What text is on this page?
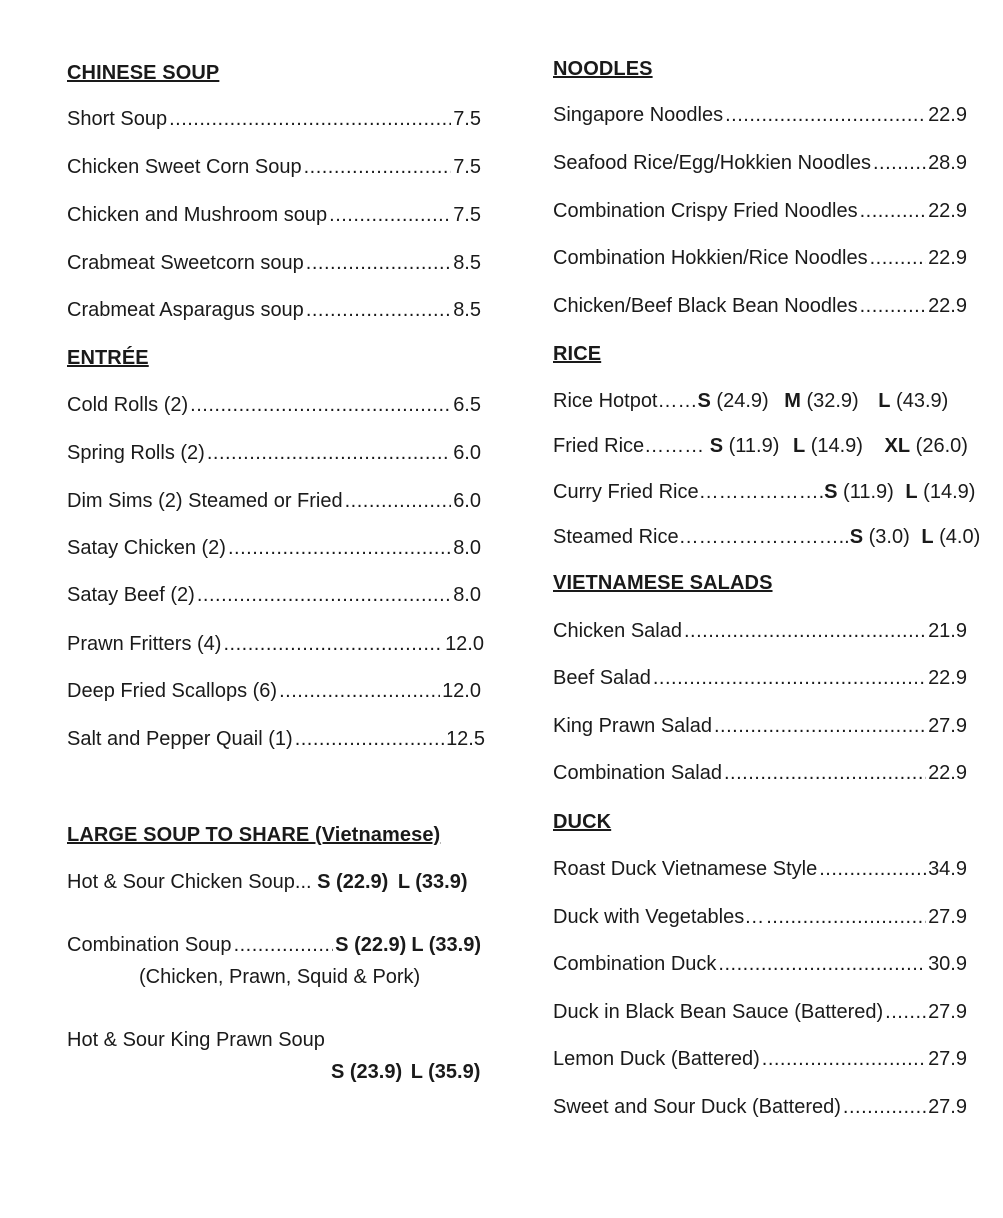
CHINESE SOUP
Short Soup .....	7.5
Chicken Sweet Corn Soup .....	7.5
Chicken and Mushroom soup .....	7.5
Crabmeat Sweetcorn soup .....	8.5
Crabmeat Asparagus soup .....	8.5
ENTRÉE
Cold Rolls (2) .....	6.5
Spring Rolls (2) .....	6.0
Dim Sims (2) Steamed or Fried .....	6.0
Satay Chicken (2) .....	8.0
Satay Beef (2) .....	8.0
Prawn Fritters (4) .....	12.0
Deep Fried Scallops (6) .....	12.0
Salt and Pepper Quail (1) .....	12.5
LARGE SOUP TO SHARE (Vietnamese)
Hot & Sour Chicken Soup... S (22.9) L (33.9)
Combination Soup .....	S (22.9) L (33.9)
(Chicken, Prawn, Squid & Pork)
Hot & Sour King Prawn Soup
S (23.9) L (35.9)
NOODLES
Singapore Noodles .....	22.9
Seafood Rice/Egg/Hokkien Noodles .....	28.9
Combination Crispy Fried Noodles .....	22.9
Combination Hokkien/Rice Noodles .....	22.9
Chicken/Beef Black Bean Noodles .....	22.9
RICE
Rice Hotpot……S (24.9) M (32.9) L (43.9)
Fried Rice……… S (11.9) L (14.9) XL (26.0)
Curry Fried Rice……………….S (11.9) L (14.9)
Steamed Rice……………………..S (3.0) L (4.0)
VIETNAMESE SALADS
Chicken Salad .....	21.9
Beef Salad .....	22.9
King Prawn Salad .....	27.9
Combination Salad .....	22.9
DUCK
Roast Duck Vietnamese Style .....	34.9
Duck with Vegetables… .....	27.9
Combination Duck .....	30.9
Duck in Black Bean Sauce (Battered) ..... 27.9
Lemon Duck (Battered) .....	27.9
Sweet and Sour Duck (Battered) .....	27.9
